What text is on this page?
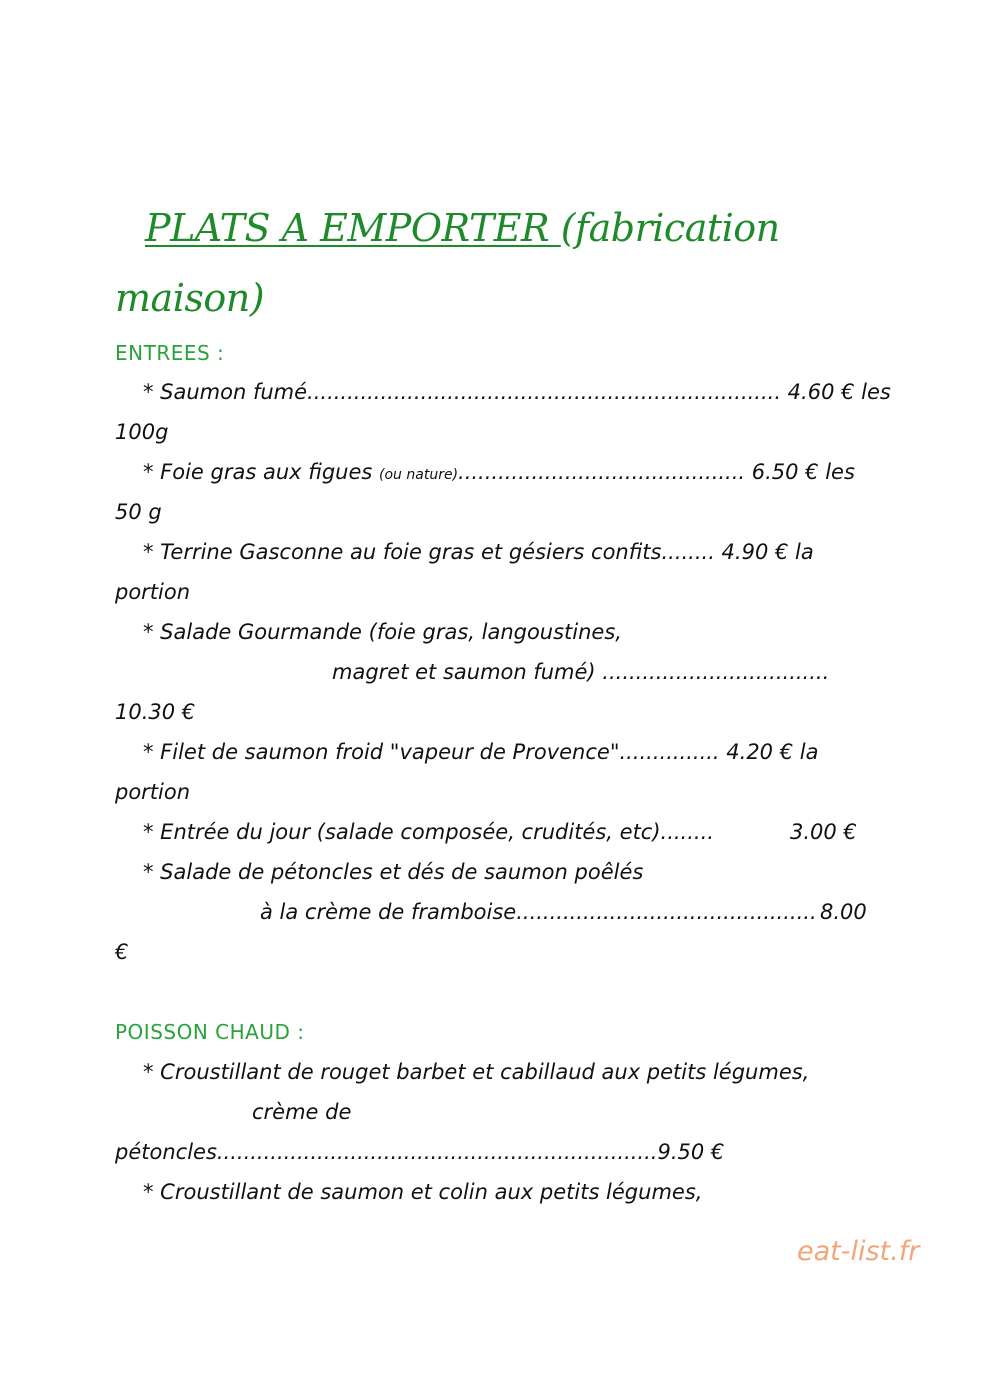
PLATS A EMPORTER (fabrication
maison)
ENTREES :
* Saumon fumé....................................................................... 4.60 € les
100g
* Foie gras aux figues (ou nature)........................................... 6.50 € les
50 g
* Terrine Gasconne au foie gras et gésiers confits........ 4.90 € la
portion
* Salade Gourmande (foie gras, langoustines,
magret et saumon fumé) ..................................
10.30 €
* Filet de saumon froid "vapeur de Provence"............... 4.20 € la
portion
* Entrée du jour (salade composée, crudités, etc)........	3.00 €
* Salade de pétoncles et dés de saumon poêlés
à la crème de framboise............................................. 8.00
€
POISSON CHAUD :
* Croustillant de rouget barbet et cabillaud aux petits légumes,
crème de
pétoncles..................................................................9.50 €
* Croustillant de saumon et colin aux petits légumes,
eat-list.fr
